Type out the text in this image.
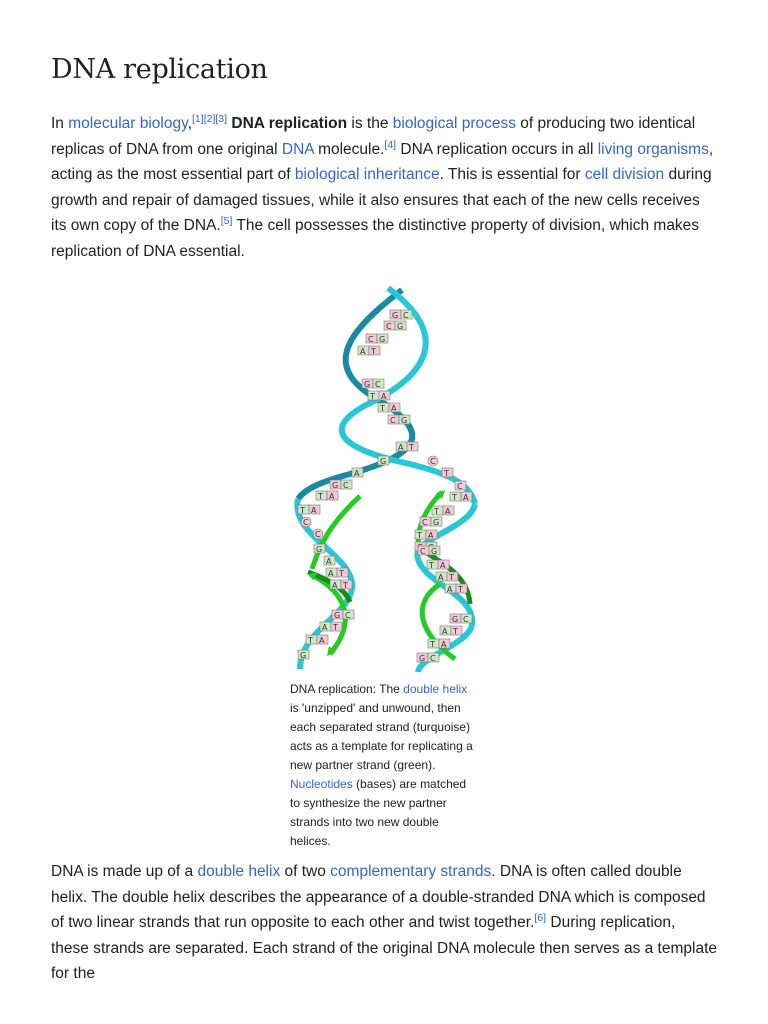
DNA replication

In molecular biology,[1][2][3] DNA replication is the biological process of producing two identical replicas of DNA from one original DNA molecule.[4] DNA replication occurs in all living organisms, acting as the most essential part of biological inheritance. This is essential for cell division during growth and repair of damaged tissues, while it also ensures that each of the new cells receives its own copy of the DNA.[5] The cell possesses the distinctive property of division, which makes replication of DNA essential.

G C
C G
C G
A T
G C
T A
T A
C G
A T
G	C
A	T
C
G C
T A
T A
T A
T A
C G
C
C
G
A
A T
A T
G C
A T
T A
G
T A
C G
T A
A T
A T
G C
A T
T A
G C

DNA replication: The double helix is 'unzipped' and unwound, then each separated strand (turquoise) acts as a template for replicating a new partner strand (green). Nucleotides (bases) are matched to synthesize the new partner strands into two new double helices.

DNA is made up of a double helix of two complementary strands. DNA is often called double helix. The double helix describes the appearance of a double-stranded DNA which is composed of two linear strands that run opposite to each other and twist together.[6] During replication, these strands are separated. Each strand of the original DNA molecule then serves as a template for the
